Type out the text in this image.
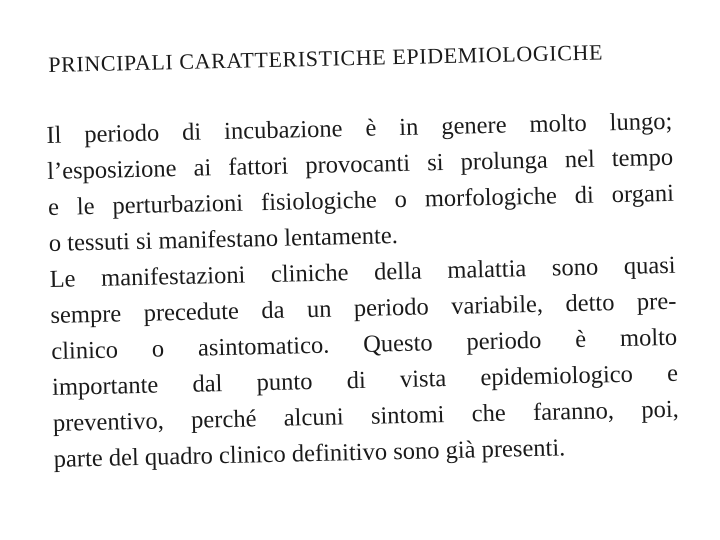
PRINCIPALI CARATTERISTICHE EPIDEMIOLOGICHE
Il periodo di incubazione è in genere molto lungo;
l’esposizione ai fattori provocanti si prolunga nel tempo
e le perturbazioni fisiologiche o morfologiche di organi
o tessuti si manifestano lentamente.
Le manifestazioni cliniche della malattia sono quasi
sempre precedute da un periodo variabile, detto pre-
clinico o asintomatico. Questo periodo è molto
importante dal punto di vista epidemiologico e
preventivo, perché alcuni sintomi che faranno, poi,
parte del quadro clinico definitivo sono già presenti.
